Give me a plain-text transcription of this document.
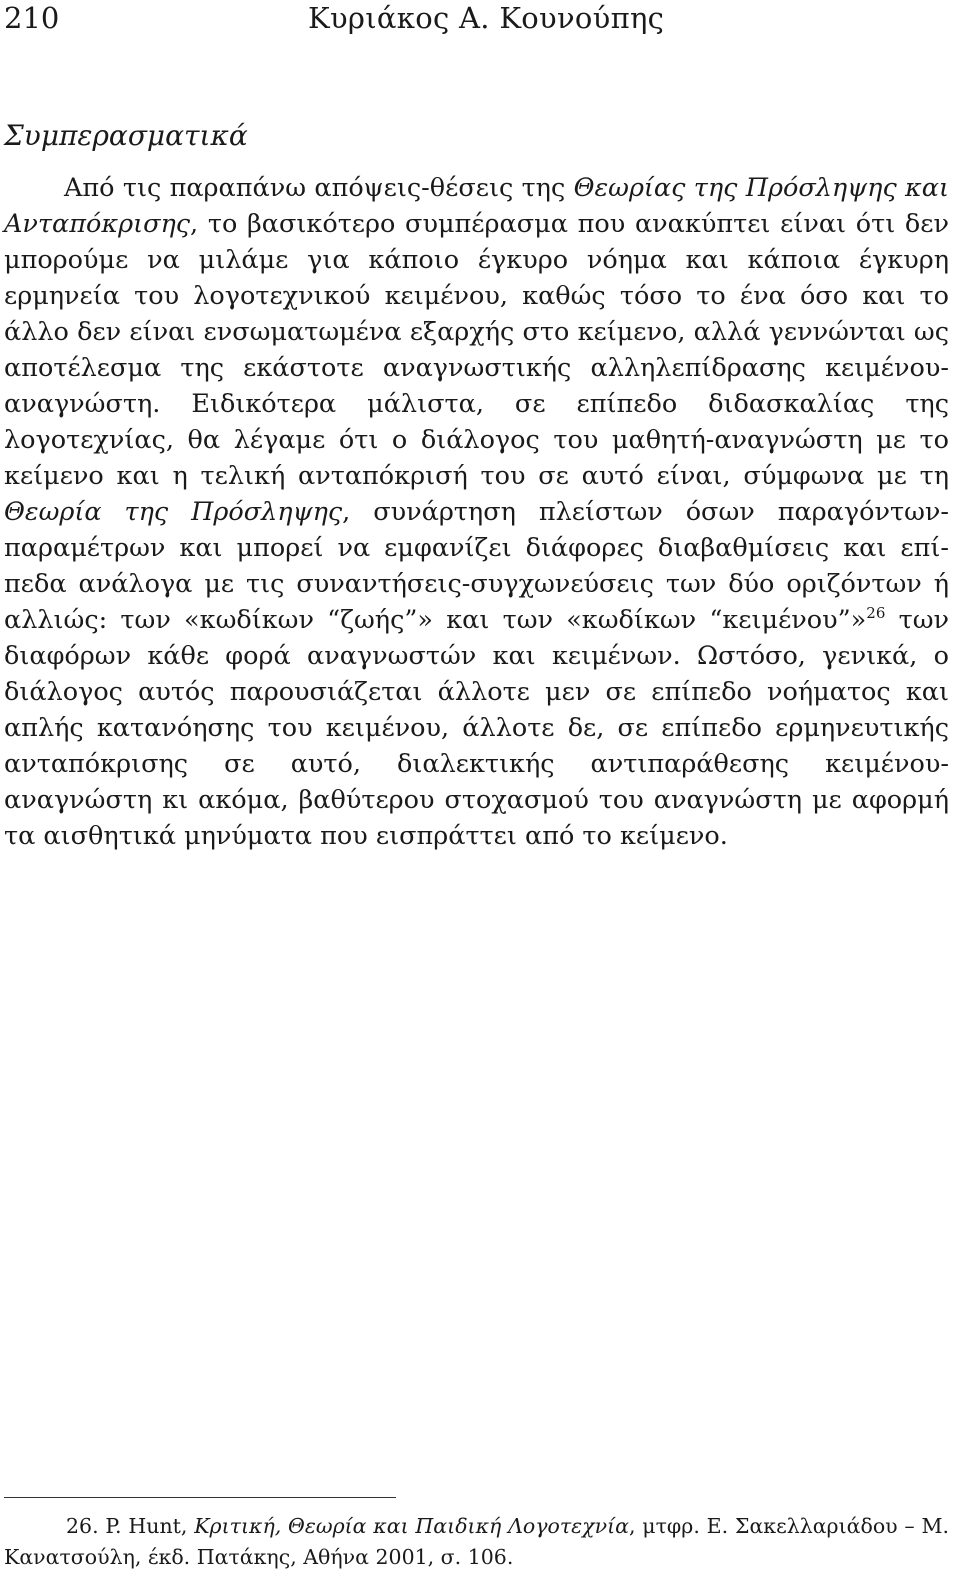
210	Κυριάκος Α. Κουνούπης
Συμπερασματικά

Από τις παραπάνω απόψεις-θέσεις της Θεωρίας της Πρόσληψης και Ανταπόκρισης, το βασικότερο συμπέρασμα που ανακύπτει είναι ότι δεν μπορούμε να μιλάμε για κάποιο έγκυρο νόημα και κάποια έγκυρη ερμηνεία του λογοτεχνικού κειμένου, καθώς τόσο το ένα όσο και το άλλο δεν είναι ενσωματωμένα εξαρχής στο κείμενο, αλλά γεννώνται ως αποτέλεσμα της εκάστοτε αναγνωστικής αλληλεπίδρασης κειμένου-αναγνώστη. Ειδικότερα μάλιστα, σε επίπεδο διδασκαλίας της λογοτεχνίας, θα λέγαμε ότι ο διάλογος του μαθητή-αναγνώστη με το κείμενο και η τελική ανταπόκρισή του σε αυτό είναι, σύμφωνα με τη Θεωρία της Πρόσληψης, συνάρτηση πλείστων όσων παραγόντων-παραμέτρων και μπορεί να εμφανίζει διάφορες διαβαθμίσεις και επίπεδα ανάλογα με τις συναντήσεις-συγχωνεύσεις των δύο οριζόντων ή αλλιώς: των «κωδίκων “ζωής”» και των «κωδίκων “κειμένου”»$^{26}$ των διαφόρων κάθε φορά αναγνωστών και κειμένων. Ωστόσο, γενικά, ο διάλογος αυτός παρουσιάζεται άλλοτε μεν σε επίπεδο νοήματος και απλής κατανόησης του κειμένου, άλλοτε δε, σε επίπεδο ερμηνευτικής ανταπόκρισης σε αυτό, διαλεκτικής αντιπαράθεσης κειμένου-αναγνώστη κι ακόμα, βαθύτερου στοχασμού του αναγνώστη με αφορμή τα αισθητικά μηνύματα που εισπράττει από το κείμενο.

26. P. Hunt, Κριτική, Θεωρία και Παιδική Λογοτεχνία, μτφρ. Ε. Σακελλαριάδου – Μ. Κανατσούλη, έκδ. Πατάκης, Αθήνα 2001, σ. 106.
